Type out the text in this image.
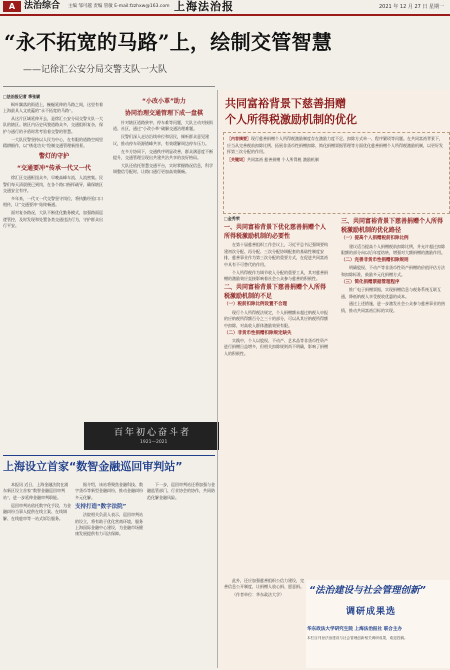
A 法治综合 主编 邹可越 责编 管敏 E-mail:fzzhxw@163.com 上海法治报	2021 年 12 月 27 日 星期一
“永不拓宽的马路”上，绘制交管智慧
——记徐汇公安分局交警支队一大队

□法治报记者 季张颖

枫叶飘落的街道上，蜿蜒延伸的马路之间，这里有着上海最具人文底蕴的“永不拓宽的马路”。

从这片区域延伸开去，是徐汇公安分局交警支队一大队的辖区。辖区内历史风貌道路众多，交通组织复杂，保护与通行的矛盾时常考验着交警的智慧。

一大队民警坚持以人民为中心，在有限的道路空间里精耕细作，以“绣花功夫”绘制交通管理新图景。

警灯的守护
“交通要冲”传承一代又一代

徐汇区交通枢纽众多，早晚高峰车流、人流密集。民警们每天清晨便已到岗，在各个路口指挥疏导，确保辖区交通安全有序。

多年来，一代又一代交警坚守岗位，将执勤经验口口相传，让“交通要冲”始终畅通。

面对复杂路况，大队不断优化勤务模式，加强路面巡逻管控，及时发现和处置各类交通违法行为，守护群众出行平安。

“小改小革”助力
协同治理交通管理下成一盘棋

针对辖区道路狭窄、停车难等问题，大队主动对接街道、社区，通过“小改小革”破解交通治理难题。

民警们深入走访沿线单位和居民，倾听群众意见建议，推动停车资源错峰共享，有效缓解周边停车压力。

在多方协同下，交通秩序明显改善，群众满意度不断提升，交通管理呈现出共建共治共享的良好格局。

大队还依托智慧交通平台，实时掌握路况信息，科学调整信号配时，让路口通行更加高效顺畅。

百年初心奋斗者
1921—2021
上海设立首家“数智金融巡回审判站”

本报讯 近日，上海金融法院在浦东新区设立首家“数智金融巡回审判站”，进一步延伸金融审判职能。

巡回审判站依托数字化手段，为金融纠纷当事人提供在线立案、在线调解、在线庭审等一站式诉讼服务。

据介绍，该站将聚焦金融科技、数字货币等新型金融纠纷，推动金融纠纷多元化解。

支持打造“数字法院”

法院相关负责人表示，巡回审判站的设立，将有助于优化营商环境，服务上海国际金融中心建设，为金融市场健康发展提供有力司法保障。

下一步，巡回审判站还将加强与金融监管部门、行业协会的协作，共同防范化解金融风险。

共同富裕背景下慈善捐赠
个人所得税激励机制的优化

［内容摘要］现行慈善捐赠个人所得税激励制度存在激励力度不足、扣除方式单一、程序繁琐等问题。在共同富裕背景下，应当从完善税前扣除比例、拓展非货币性捐赠扣除、简化捐赠票据管理等方面优化慈善捐赠个人所得税激励机制，以更好发挥第三次分配的作用。

［关键词］共同富裕 慈善捐赠 个人所得税 激励机制

□金秀荣

一、共同富裕背景下优化慈善捐赠个人所得税激励机制的必要性

在第十届慈善组织工作会议上，习近平总书记强调要构建初次分配、再分配、三次分配协调配套的基础性制度安排，慈善事业作为第三次分配的重要方式，在促进共同富裕中具有不可替代的作用。

个人所得税作为调节收入分配的重要工具，其对慈善捐赠的激励效应直接影响着社会公众参与慈善的积极性。

二、共同富裕背景下慈善捐赠个人所得税激励机制的不足
（一）税前扣除比例设置不合理

现行个人所得税法规定，个人捐赠额未超过纳税人申报的应纳税所得额百分之三十的部分，可以从其应纳税所得额中扣除，对高收入群体激励效果有限。

（二）非货币性捐赠扣除规定缺失

实践中，个人以股权、不动产、艺术品等非货币性资产进行捐赠日益增多，但相关扣除规则尚不明确，影响了捐赠人的积极性。

三、共同富裕背景下慈善捐赠个人所得税激励机制的优化路径
（一）提高个人捐赠税前扣除比例

建议适当提高个人捐赠税前扣除比例，并允许超过扣除限额的部分向以后年度结转，增强对大额捐赠的激励作用。

（二）完善非货币性捐赠扣除规则

明确股权、不动产等非货币性资产捐赠的价值评估方法和扣除标准，鼓励多元化捐赠方式。

（三）简化捐赠票据管理程序

推广电子捐赠票据，实现捐赠信息与税务系统互联互通，降低纳税人享受税收优惠的成本。

通过上述措施，进一步激发社会公众参与慈善事业的热情，推动共同富裕目标的实现。

此外，还应加强慈善组织公信力建设，完善信息公开制度，让捐赠人放心捐、愿意捐。

（作者单位：华东政法大学）	“法治建设与社会管理创新”
调研成果选
华东政法大学研究生院 上海法治报社 联合主办
本栏目刊登法治建设与社会管理创新相关调研成果，欢迎投稿。
